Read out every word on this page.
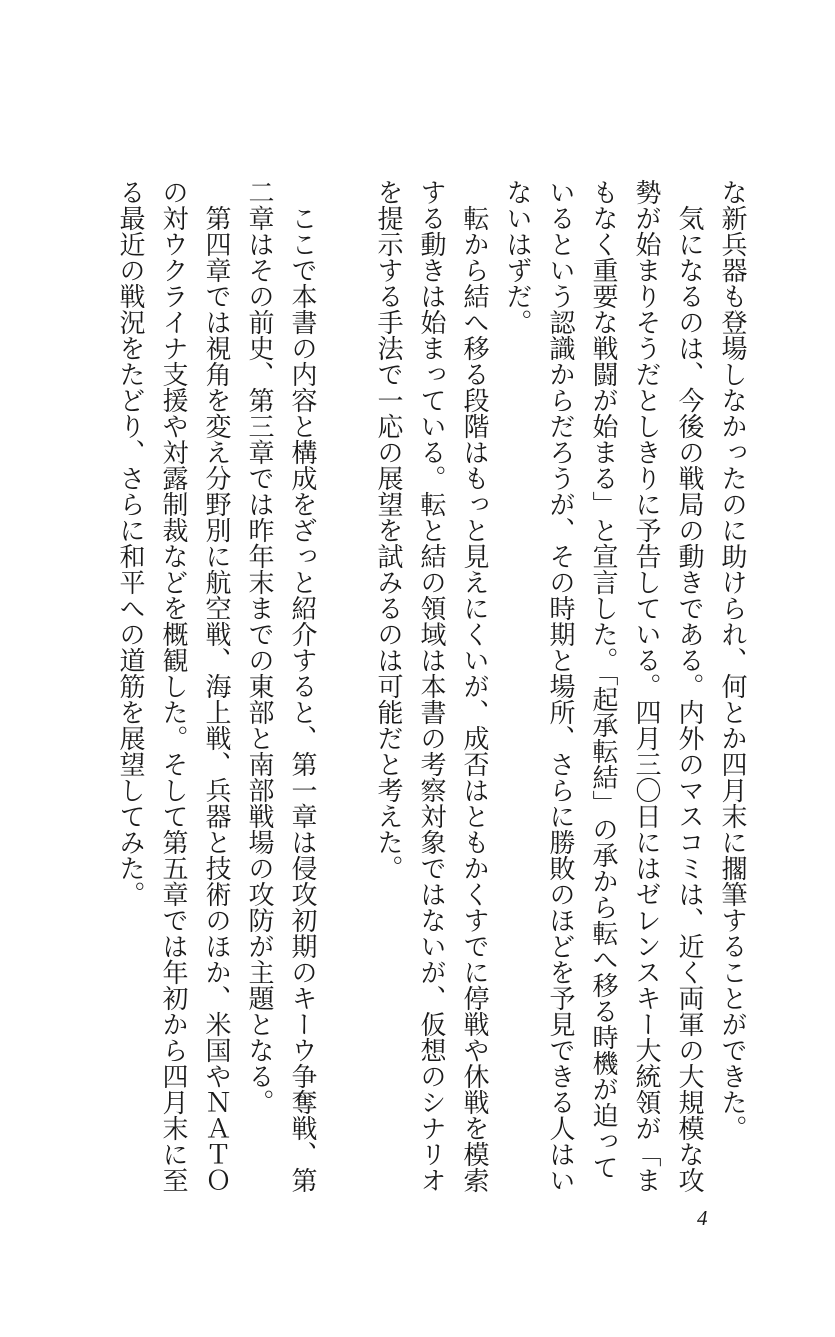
な新兵器も登場しなかったのに助けられ、何とか四月末に擱筆することができた。
　気になるのは、今後の戦局の動きである。内外のマスコミは、近く両軍の大規模な攻
勢が始まりそうだとしきりに予告している。四月三〇日にはゼレンスキー大統領が「ま
もなく重要な戦闘が始まる」と宣言した。「起承転結」の承から転へ移る時機が迫って
いるという認識からだろうが、その時期と場所、さらに勝敗のほどを予見できる人はい
ないはずだ。
　転から結へ移る段階はもっと見えにくいが、成否はともかくすでに停戦や休戦を模索
する動きは始まっている。転と結の領域は本書の考察対象ではないが、仮想のシナリオ
を提示する手法で一応の展望を試みるのは可能だと考えた。
　ここで本書の内容と構成をざっと紹介すると、第一章は侵攻初期のキーウ争奪戦、第
二章はその前史、第三章では昨年末までの東部と南部戦場の攻防が主題となる。
　第四章では視角を変え分野別に航空戦、海上戦、兵器と技術のほか、米国やＮＡＴＯ
の対ウクライナ支援や対露制裁などを概観した。そして第五章では年初から四月末に至
る最近の戦況をたどり、さらに和平への道筋を展望してみた。
4
